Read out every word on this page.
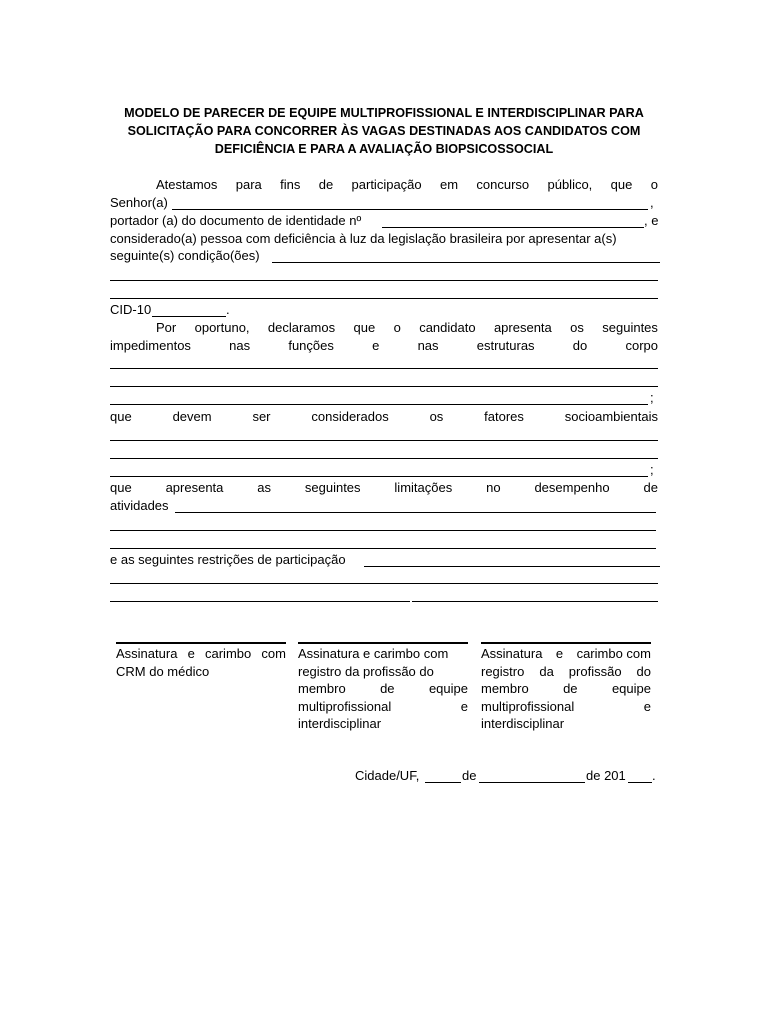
MODELO DE PARECER DE EQUIPE MULTIPROFISSIONAL E INTERDISCIPLINAR PARA
SOLICITAÇÃO PARA CONCORRER ÀS VAGAS DESTINADAS AOS CANDIDATOS COM
DEFICIÊNCIA E PARA A AVALIAÇÃO BIOPSICOSSOCIAL
Atestamos para fins de participação em concurso público, que o
Senhor(a)	,
portador (a) do documento de identidade nº	, e
considerado(a) pessoa com deficiência à luz da legislação brasileira por apresentar a(s)
seguinte(s) condição(ões)
CID-10	.
Por oportuno, declaramos que o candidato apresenta os seguintes
impedimentos	nas	funções	e	nas	estruturas	do	corpo
;
que	devem	ser	considerados	os	fatores	socioambientais
;
que	apresenta	as	seguintes	limitações	no	desempenho	de
atividades
e as seguintes restrições de participação
Assinatura e carimbo com
CRM do médico
Assinatura e carimbo com
registro da profissão do
membro	de	equipe
multiprofissional	e
interdisciplinar
Assinatura e carimbo com
registro da profissão do
membro	de	equipe
multiprofissional	e
interdisciplinar
Cidade/UF,	de	de 201 .
